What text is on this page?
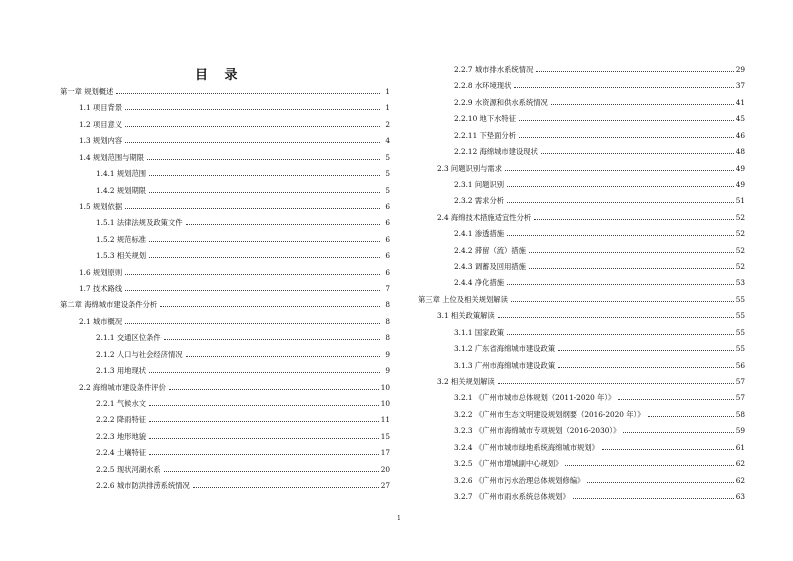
目 录
第一章 规划概述	1
1.1 项目背景	1
1.2 项目意义	2
1.3 规划内容	4
1.4 规划范围与期限	5
1.4.1 规划范围	5
1.4.2 规划期限	5
1.5 规划依据	6
1.5.1 法律法规及政策文件	6
1.5.2 规范标准	6
1.5.3 相关规划	6
1.6 规划原则	6
1.7 技术路线	7
第二章 海绵城市建设条件分析	8
2.1 城市概况	8
2.1.1 交通区位条件	8
2.1.2 人口与社会经济情况	9
2.1.3 用地现状	9
2.2 海绵城市建设条件评价	10
2.2.1 气候水文	10
2.2.2 降雨特征	11
2.2.3 地形地貌	15
2.2.4 土壤特征	17
2.2.5 现状河湖水系	20
2.2.6 城市防洪排涝系统情况	27
2.2.7 城市排水系统情况	29
2.2.8 水环境现状	37
2.2.9 水资源和供水系统情况	41
2.2.10 地下水特征	45
2.2.11 下垫面分析	46
2.2.12 海绵城市建设现状	48
2.3 问题识别与需求	49
2.3.1 问题识别	49
2.3.2 需求分析	51
2.4 海绵技术措施适宜性分析	52
2.4.1 渗透措施	52
2.4.2 滞留（流）措施	52
2.4.3 调蓄及回用措施	52
2.4.4 净化措施	53
第三章 上位及相关规划解读	55
3.1 相关政策解读	55
3.1.1 国家政策	55
3.1.2 广东省海绵城市建设政策	55
3.1.3 广州市海绵城市建设政策	56
3.2 相关规划解读	57
3.2.1 《广州市城市总体规划（2011-2020 年）》	57
3.2.2 《广州市生态文明建设规划纲要（2016-2020 年）》	58
3.2.3 《广州市海绵城市专项规划（2016-2030）》	59
3.2.4 《广州市城市绿地系统海绵城市规划》	61
3.2.5 《广州市增城副中心规划》	62
3.2.6 《广州市污水治理总体规划修编》	62
3.2.7 《广州市雨水系统总体规划》	63
1
